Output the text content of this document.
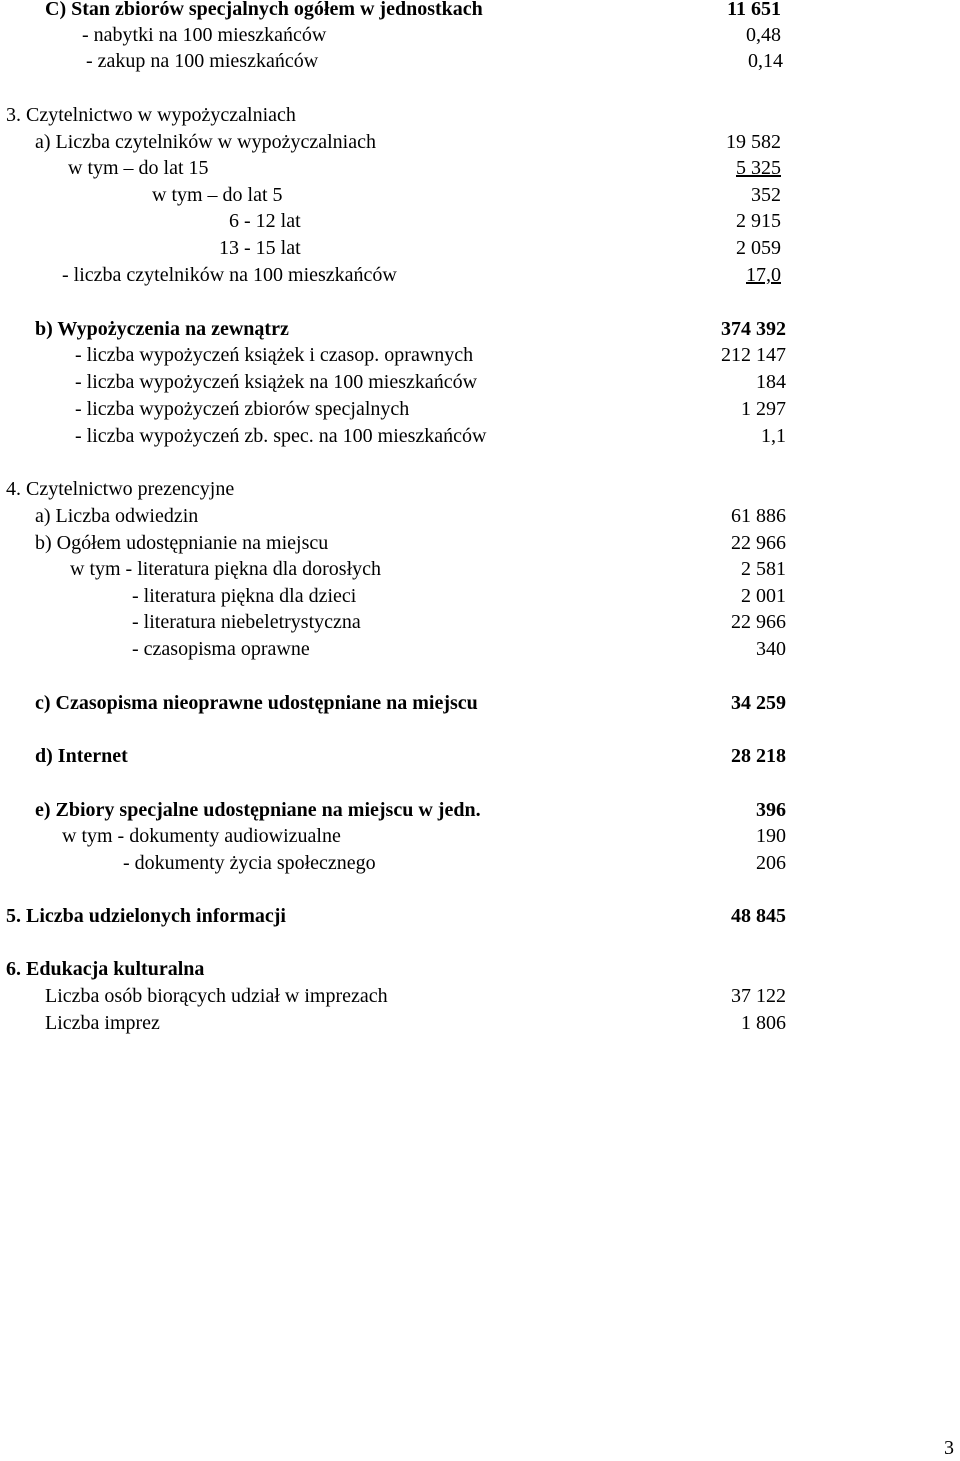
C) Stan zbiorów specjalnych ogółem w jednostkach	11 651
- nabytki na 100 mieszkańców	0,48
- zakup na 100 mieszkańców	0,14
3. Czytelnictwo w wypożyczalniach
a) Liczba czytelników w wypożyczalniach	19 582
w tym – do lat 15	5 325
w tym – do lat 5	352
6 - 12 lat	2 915
13 - 15 lat	2 059
- liczba czytelników na 100 mieszkańców	17,0
b) Wypożyczenia na zewnątrz	374 392
- liczba wypożyczeń książek i czasop. oprawnych	212 147
- liczba wypożyczeń książek na 100 mieszkańców	184
- liczba wypożyczeń zbiorów specjalnych	1 297
- liczba wypożyczeń zb. spec. na 100 mieszkańców	1,1
4. Czytelnictwo prezencyjne
a) Liczba odwiedzin	61 886
b) Ogółem udostępnianie na miejscu	22 966
w tym - literatura piękna dla dorosłych	2 581
- literatura piękna dla dzieci	2 001
- literatura niebeletrystyczna	22 966
- czasopisma oprawne	340
c) Czasopisma nieoprawne udostępniane na miejscu	34 259
d) Internet	28 218
e) Zbiory specjalne udostępniane na miejscu w jedn.	396
w tym - dokumenty audiowizualne	190
- dokumenty życia społecznego	206
5. Liczba udzielonych informacji	48 845
6. Edukacja kulturalna
Liczba osób biorących udział w imprezach	37 122
Liczba imprez	1 806
3
